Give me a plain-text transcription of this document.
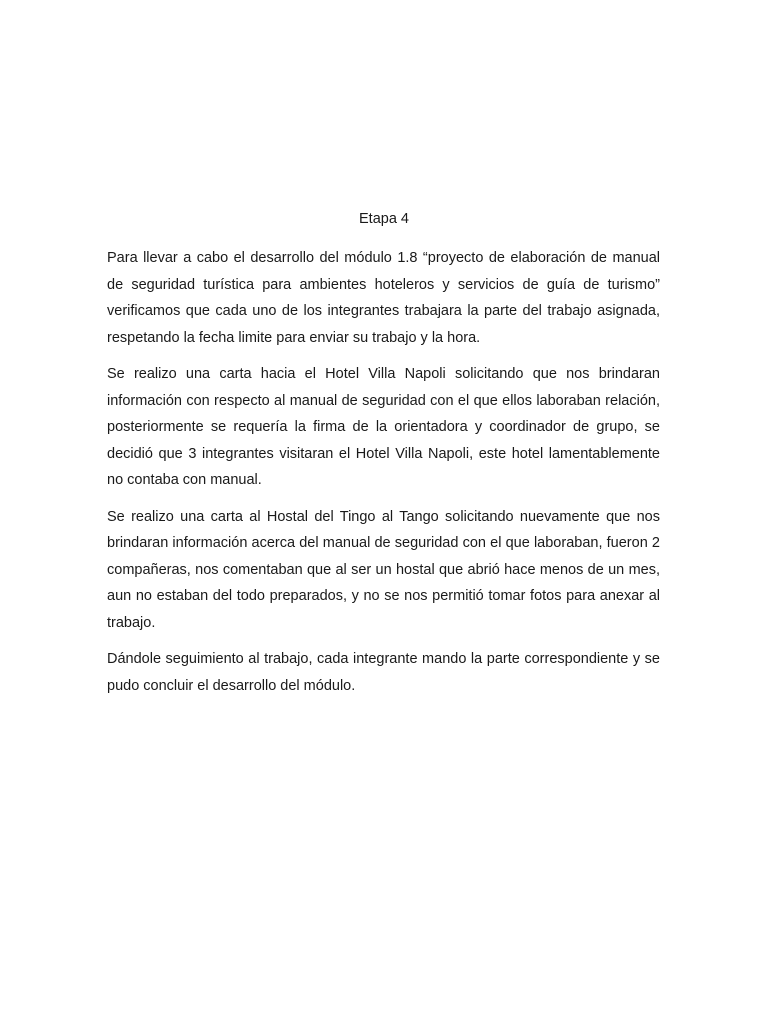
Etapa 4

Para llevar a cabo el desarrollo del módulo 1.8 “proyecto de elaboración de manual de seguridad turística para ambientes hoteleros y servicios de guía de turismo” verificamos que cada uno de los integrantes trabajara la parte del trabajo asignada, respetando la fecha limite para enviar su trabajo y la hora.

Se realizo una carta hacia el Hotel Villa Napoli solicitando que nos brindaran información con respecto al manual de seguridad con el que ellos laboraban relación, posteriormente se requería la firma de la orientadora y coordinador de grupo, se decidió que 3 integrantes visitaran el Hotel Villa Napoli, este hotel lamentablemente no contaba con manual.

Se realizo una carta al Hostal del Tingo al Tango solicitando nuevamente que nos brindaran información acerca del manual de seguridad con el que laboraban, fueron 2 compañeras, nos comentaban que al ser un hostal que abrió hace menos de un mes, aun no estaban del todo preparados, y no se nos permitió tomar fotos para anexar al trabajo.

Dándole seguimiento al trabajo, cada integrante mando la parte correspondiente y se pudo concluir el desarrollo del módulo.
